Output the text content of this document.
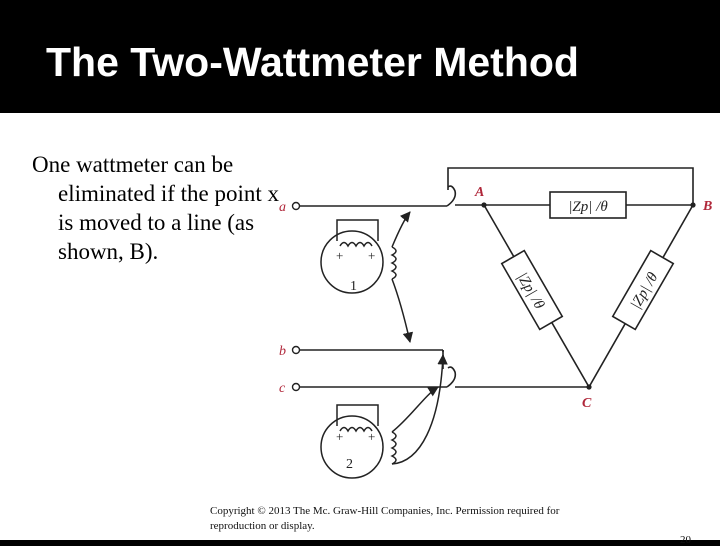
The Two-Wattmeter Method

One wattmeter can be eliminated if the point x is moved to a line (as shown, B).

|Zp| /θ
|Zp| /θ	|Zp| /θ
1
+ +
2
+ +
a
b
c
A
B
C

Copyright © 2013 The Mc. Graw-Hill Companies, Inc. Permission required for reproduction or display.

20
